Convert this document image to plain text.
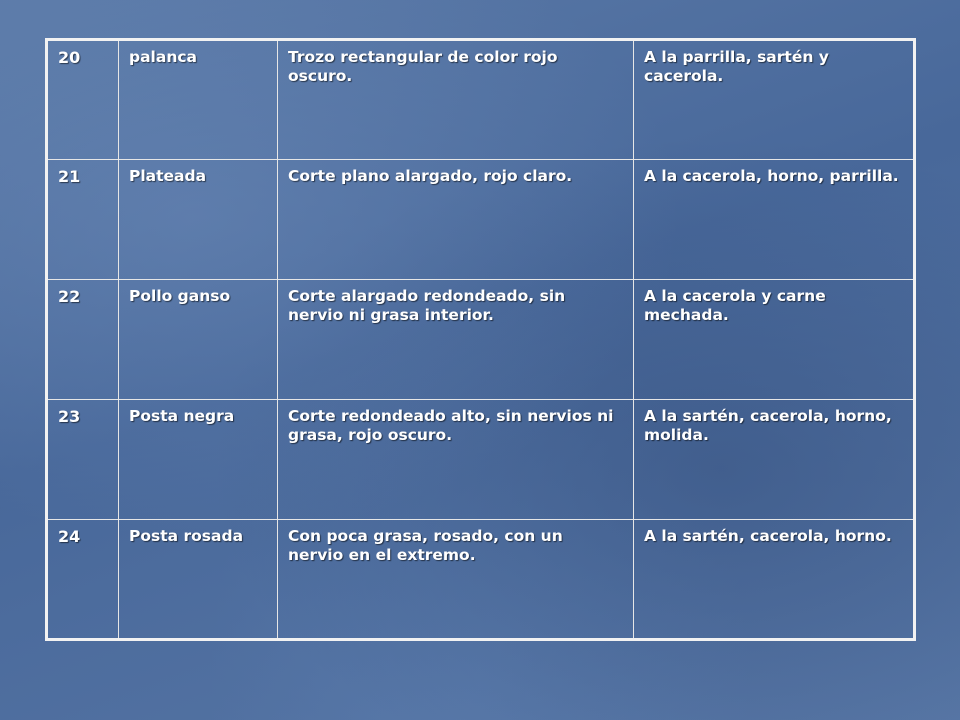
20	palanca	Trozo rectangular de color rojo oscuro.	A la parrilla, sartén y cacerola.
21	Plateada	Corte plano alargado, rojo claro.	A la cacerola, horno, parrilla.
22	Pollo ganso	Corte alargado redondeado, sin nervio ni grasa interior.	A la cacerola y carne mechada.
23	Posta negra	Corte redondeado alto, sin nervios ni grasa, rojo oscuro.	A la sartén, cacerola, horno, molida.
24	Posta rosada	Con poca grasa, rosado, con un nervio en el extremo.	A la sartén, cacerola, horno.
